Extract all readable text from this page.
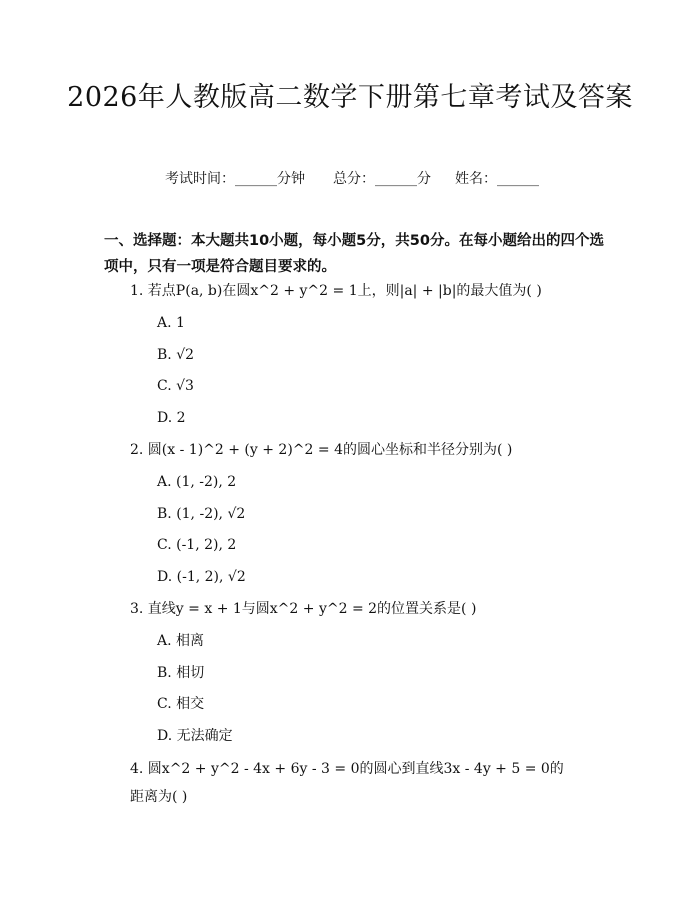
2026年人教版高二数学下册第七章考试及答案
考试时间：______分钟 总分：______分 姓名：______

一、选择题：本大题共10小题，每小题5分，共50分。在每小题给出的四个选项中，只有一项是符合题目要求的。

1. 若点P(a, b)在圆x^2 + y^2 = 1上，则|a| + |b|的最大值为( )
A. 1
B. √2
C. √3
D. 2
2. 圆(x - 1)^2 + (y + 2)^2 = 4的圆心坐标和半径分别为( )
A. (1, -2), 2
B. (1, -2), √2
C. (-1, 2), 2
D. (-1, 2), √2
3. 直线y = x + 1与圆x^2 + y^2 = 2的位置关系是( )
A. 相离
B. 相切
C. 相交
D. 无法确定
4. 圆x^2 + y^2 - 4x + 6y - 3 = 0的圆心到直线3x - 4y + 5 = 0的距离为( )
